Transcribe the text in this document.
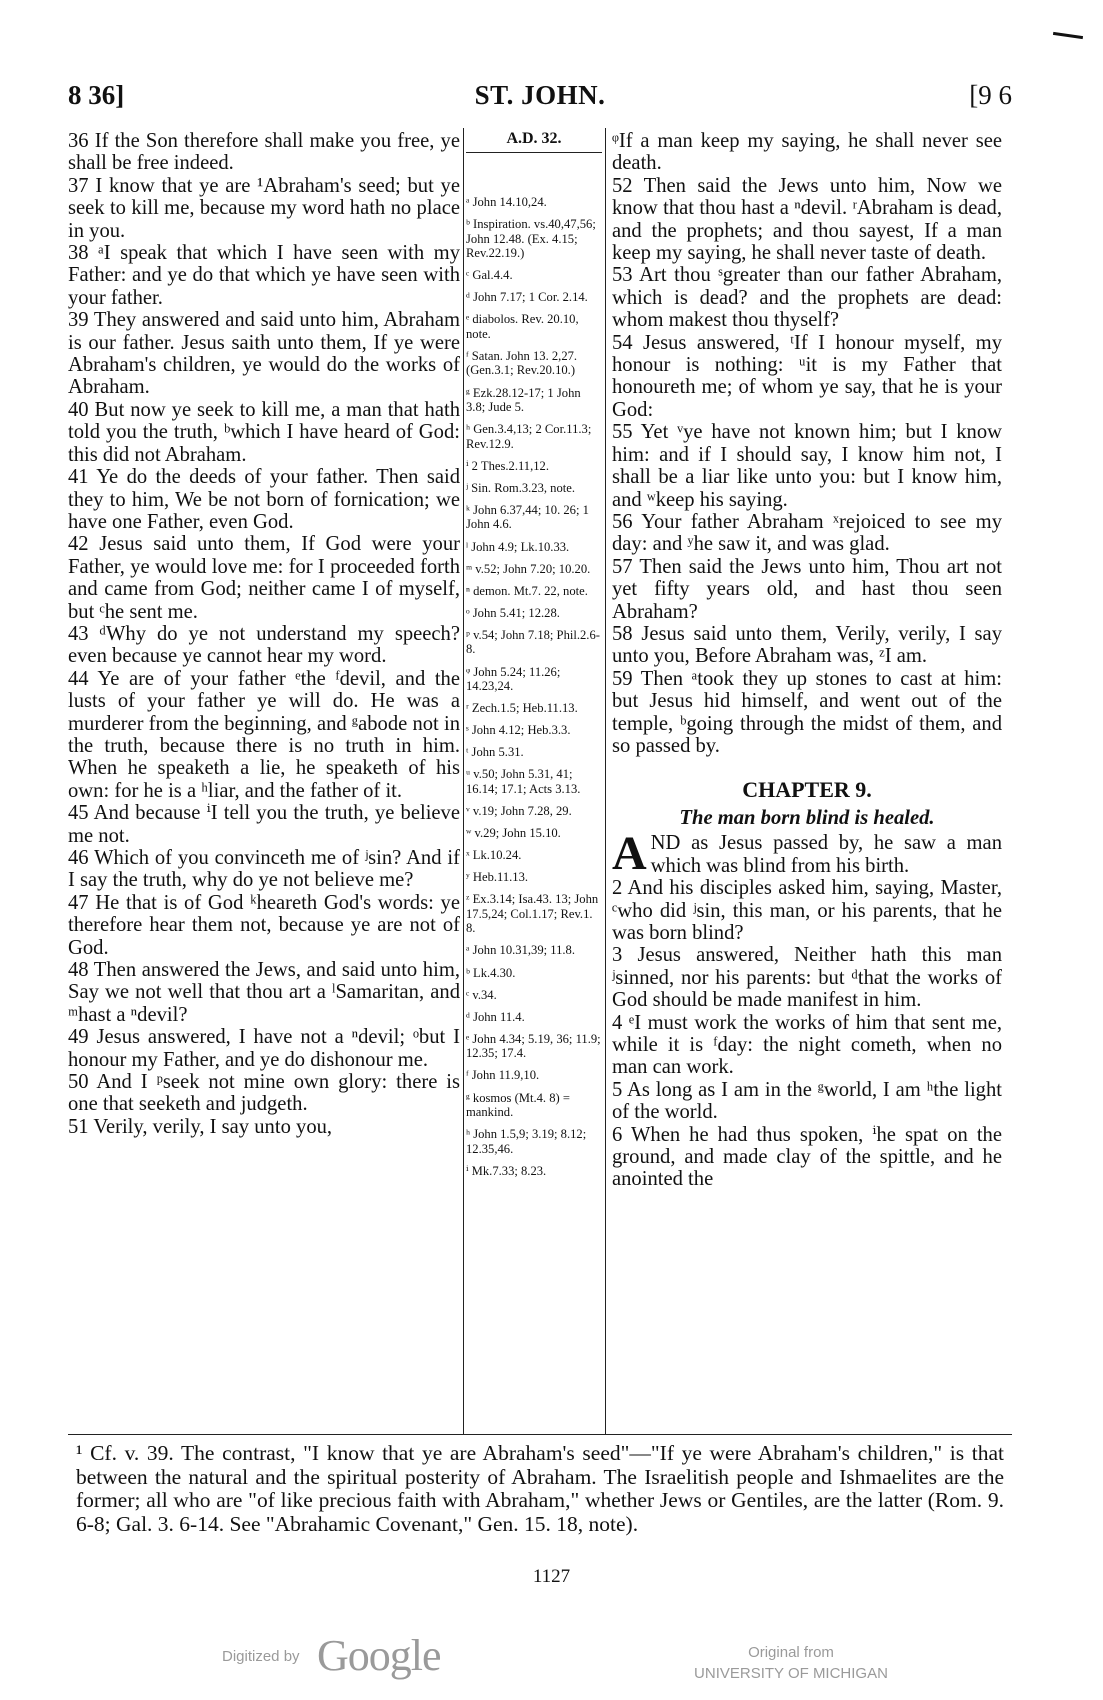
8 36]	ST. JOHN.	[9 6

36 If the Son therefore shall make you free, ye shall be free indeed.

37 I know that ye are ¹Abraham's seed; but ye seek to kill me, because my word hath no place in you.

38 ᵃI speak that which I have seen with my Father: and ye do that which ye have seen with your father.

39 They answered and said unto him, Abraham is our father. Jesus saith unto them, If ye were Abraham's children, ye would do the works of Abraham.

40 But now ye seek to kill me, a man that hath told you the truth, ᵇwhich I have heard of God: this did not Abraham.

41 Ye do the deeds of your father. Then said they to him, We be not born of fornication; we have one Father, even God.

42 Jesus said unto them, If God were your Father, ye would love me: for I proceeded forth and came from God; neither came I of myself, but ᶜhe sent me.

43 ᵈWhy do ye not understand my speech? even because ye cannot hear my word.

44 Ye are of your father ᵉthe ᶠdevil, and the lusts of your father ye will do. He was a murderer from the beginning, and ᵍabode not in the truth, because there is no truth in him. When he speaketh a lie, he speaketh of his own: for he is a ʰliar, and the father of it.

45 And because ⁱI tell you the truth, ye believe me not.

46 Which of you convinceth me of ʲsin? And if I say the truth, why do ye not believe me?

47 He that is of God ᵏheareth God's words: ye therefore hear them not, because ye are not of God.

48 Then answered the Jews, and said unto him, Say we not well that thou art a ˡSamaritan, and ᵐhast a ⁿdevil?

49 Jesus answered, I have not a ⁿdevil; ᵒbut I honour my Father, and ye do dishonour me.

50 And I ᵖseek not mine own glory: there is one that seeketh and judgeth.

51 Verily, verily, I say unto you,

A.D. 32.
ᵃ John 14.10,24.
ᵇ Inspiration. vs.40,47,56; John 12.48. (Ex. 4.15; Rev.22.19.)
ᶜ Gal.4.4.
ᵈ John 7.17; 1 Cor. 2.14.
ᵉ diabolos. Rev. 20.10, note.
ᶠ Satan. John 13. 2,27. (Gen.3.1; Rev.20.10.)
ᵍ Ezk.28.12-17; 1 John 3.8; Jude 5.
ʰ Gen.3.4,13; 2 Cor.11.3; Rev.12.9.
ⁱ 2 Thes.2.11,12.
ʲ Sin. Rom.3.23, note.
ᵏ John 6.37,44; 10. 26; 1 John 4.6.
ˡ John 4.9; Lk.10.33.
ᵐ v.52; John 7.20; 10.20.
ⁿ demon. Mt.7. 22, note.
ᵒ John 5.41; 12.28.
ᵖ v.54; John 7.18; Phil.2.6-8.
ᵠ John 5.24; 11.26; 14.23,24.
ʳ Zech.1.5; Heb.11.13.
ˢ John 4.12; Heb.3.3.
ᵗ John 5.31.
ᵘ v.50; John 5.31, 41; 16.14; 17.1; Acts 3.13.
ᵛ v.19; John 7.28, 29.
ʷ v.29; John 15.10.
ˣ Lk.10.24.
ʸ Heb.11.13.
ᶻ Ex.3.14; Isa.43. 13; John 17.5,24; Col.1.17; Rev.1. 8.
ᵃ John 10.31,39; 11.8.
ᵇ Lk.4.30.
ᶜ v.34.
ᵈ John 11.4.
ᵉ John 4.34; 5.19, 36; 11.9; 12.35; 17.4.
ᶠ John 11.9,10.
ᵍ kosmos (Mt.4. 8) = mankind.
ʰ John 1.5,9; 3.19; 8.12; 12.35,46.
ⁱ Mk.7.33; 8.23.

ᵠIf a man keep my saying, he shall never see death.

52 Then said the Jews unto him, Now we know that thou hast a ⁿdevil. ʳAbraham is dead, and the prophets; and thou sayest, If a man keep my saying, he shall never taste of death.

53 Art thou ˢgreater than our father Abraham, which is dead? and the prophets are dead: whom makest thou thyself?

54 Jesus answered, ᵗIf I honour myself, my honour is nothing: ᵘit is my Father that honoureth me; of whom ye say, that he is your God:

55 Yet ᵛye have not known him; but I know him: and if I should say, I know him not, I shall be a liar like unto you: but I know him, and ʷkeep his saying.

56 Your father Abraham ˣrejoiced to see my day: and ʸhe saw it, and was glad.

57 Then said the Jews unto him, Thou art not yet fifty years old, and hast thou seen Abraham?

58 Jesus said unto them, Verily, verily, I say unto you, Before Abraham was, ᶻI am.

59 Then ᵃtook they up stones to cast at him: but Jesus hid himself, and went out of the temple, ᵇgoing through the midst of them, and so passed by.

CHAPTER 9.
The man born blind is healed.
AND as Jesus passed by, he saw a man which was blind from his birth.

2 And his disciples asked him, saying, Master, ᶜwho did ʲsin, this man, or his parents, that he was born blind?

3 Jesus answered, Neither hath this man ʲsinned, nor his parents: but ᵈthat the works of God should be made manifest in him.

4 ᵉI must work the works of him that sent me, while it is ᶠday: the night cometh, when no man can work.

5 As long as I am in the ᵍworld, I am ʰthe light of the world.

6 When he had thus spoken, ⁱhe spat on the ground, and made clay of the spittle, and he anointed the

¹ Cf. v. 39. The contrast, "I know that ye are Abraham's seed"—"If ye were Abraham's children," is that between the natural and the spiritual posterity of Abraham. The Israelitish people and Ishmaelites are the former; all who are "of like precious faith with Abraham," whether Jews or Gentiles, are the latter (Rom. 9. 6-8; Gal. 3. 6-14. See "Abrahamic Covenant," Gen. 15. 18, note).

1127
Digitized by Google	Original from
UNIVERSITY OF MICHIGAN
